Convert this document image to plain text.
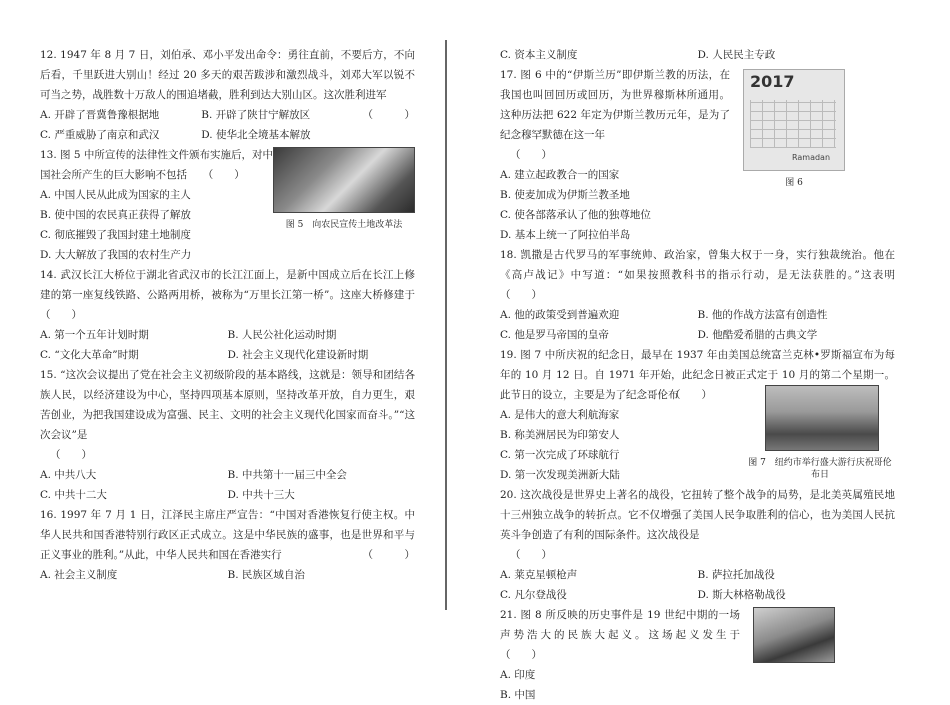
12. 1947 年 8 月 7 日，刘伯承、邓小平发出命令：勇往直前，不要后方，不向后看，千里跃进大别山！经过 20 多天的艰苦跋涉和激烈战斗，刘邓大军以锐不可当之势，战胜数十万敌人的围追堵截，胜利到达大别山区。这次胜利进军
（　　　）

A. 开辟了晋冀鲁豫根据地	B. 开辟了陕甘宁解放区
C. 严重威胁了南京和武汉	D. 使华北全境基本解放
图 5　向农民宣传土地改革法

13. 图 5 中所宣传的法律性文件颁布实施后，对中国社会所产生的巨大影响不包括　　 （　　）

A. 中国人民从此成为国家的主人
B. 使中国的农民真正获得了解放
C. 彻底摧毁了我国封建土地制度
D. 大大解放了我国的农村生产力

14. 武汉长江大桥位于湖北省武汉市的长江江面上，是新中国成立后在长江上修建的第一座复线铁路、公路两用桥，被称为“万里长江第一桥”。这座大桥修建于 （　　）

A. 第一个五年计划时期	B. 人民公社化运动时期
C. “文化大革命”时期	D. 社会主义现代化建设新时期

15. “这次会议提出了党在社会主义初级阶段的基本路线，这就是：领导和团结各族人民，以经济建设为中心，坚持四项基本原则，坚持改革开放，自力更生，艰苦创业，为把我国建设成为富强、民主、文明的社会主义现代化国家而奋斗。”“这次会议”是

（　　）

A. 中共八大	B. 中共第十一届三中全会
C. 中共十二大	D. 中共十三大

16. 1997 年 7 月 1 日，江泽民主席庄严宣告：“中国对香港恢复行使主权。中华人民共和国香港特别行政区正式成立。这是中华民族的盛事，也是世界和平与正义事业的胜利。”从此，中华人民共和国在香港实行	（　　　）

A. 社会主义制度	B. 民族区域自治
C. 资本主义制度	D. 人民民主专政
2017
Ramadan
图 6

17. 图 6 中的“伊斯兰历”即伊斯兰教的历法，在我国也叫回回历或回历，为世界穆斯林所通用。这种历法把 622 年定为伊斯兰教历元年，是为了纪念穆罕默德在这一年

（　　）

A. 建立起政教合一的国家
B. 使麦加成为伊斯兰教圣地
C. 使各部落承认了他的独尊地位
D. 基本上统一了阿拉伯半岛

18. 凯撒是古代罗马的军事统帅、政治家，曾集大权于一身，实行独裁统治。他在《高卢战记》中写道：“如果按照教科书的指示行动，是无法获胜的。”这表明 （　　）

A. 他的政策受到普遍欢迎	B. 他的作战方法富有创造性
C. 他是罗马帝国的皇帝	D. 他酷爱希腊的古典文学

19. 图 7 中所庆祝的纪念日，最早在 1937 年由美国总统富兰克林•罗斯福宣布为每年的 10 月 12 日。自 1971 年开始，此纪念日被正式定于 10 月的第二个星期一。此节日的设立，主要是为了纪念哥伦布

图 7　纽约市举行盛大游行庆祝哥伦布日

（　　）

A. 是伟大的意大利航海家
B. 称美洲居民为印第安人
C. 第一次完成了环球航行
D. 第一次发现美洲新大陆

20. 这次战役是世界史上著名的战役，它扭转了整个战争的局势，是北美英属殖民地十三州独立战争的转折点。它不仅增强了美国人民争取胜利的信心，也为美国人民抗英斗争创造了有利的国际条件。这次战役是

（　　）

A. 莱克星顿枪声	B. 萨拉托加战役
C. 凡尔登战役	D. 斯大林格勒战役

21. 图 8 所反映的历史事件是 19 世纪中期的一场声势浩大的民族大起义。这场起义发生于　　（　　）

A. 印度
B. 中国
